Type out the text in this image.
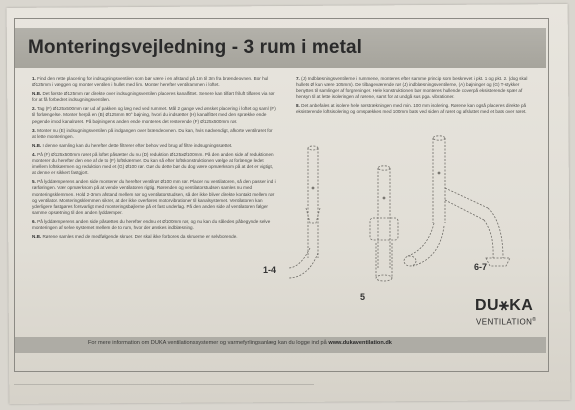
Monteringsvejledning - 3 rum i metal

1. Find den rette placering for indsugningsventilen som bør være i en afstand på 1m til 3m fra brændeovnen. Bor hul Ø125mm i væggen og monter ventilen i hullet med lim. Monter herefter ventilrammen i loftet.

N.B. Det første Ø125mm rør direkte over indsugningsventilen placeres kanalfittet. Senere kan tilført friluft tilføres via rør for at få forbedret indsugningsventilen.

2. Tag (F) Ø125x500mm rør ud af pakken og læg ned ved rummet. Mål 2 gange ved ønsket placering i loftet og saml (F) til forlængelse. Monter herpå en (B) Ø125mm 90° bøjning, hvori du indsætter (H) kanalfittet med den sprække ende pegende imod kanalrøret. På bøjningens anden ende monteres det resterende (F) Ø125x500mm rør.

3. Monter nu (E) indsugningsventilen på indgangen over brændeovnen. Du kan, hvis nødvendigt, afkorte ventilrøret for at lette monteringen.

N.B. I denne samling kan du herefter dette filtrerer efter behov ved brug af filtre indsugningssættet.

4. På (F) Ø125x500mm røret på loftet påsætter du nu (D) reduktion Ø125xØ100mm. På den anden side af reduktionen monterer du herefter den ene af de to (F) loftskærmer. Du kan så efter loftskonstruktionen vælge at forlænge ledet imellem loftskærmen og reduktion med et (G) Ø100 rør. Gør du dette bør du dog være opmærksom på at det er vigtigt, at denne er sikkert fastgjort.

5. På lyddæmperens anden side monterer du herefter ventilrør Ø100 mm rør. Placer nu ventilatoren, så den passer ind i rørføringen. Vær opmærksom på at vende ventilatoren rigtig. Rørenden og ventilatorstudsen samles nu med monteringsklemmen. Hold 2-3mm afstand mellem rør og ventilatorstudsen, så der ikke bliver direkte kontakt mellem rør og ventilator. Monteringsklemmen sikrer, at der ikke overføres motorvibrationer til kanalsystemet. Ventilatoren kan yderligere fastgøres forsvarligt med monteringsbøjlerne på et fast underlag. På den anden side af ventilatoren følger samme opsætning til den anden lyddæmper.

6. På lyddæmperens anden side påsættes du herefter endnu et Ø100mm rør, og nu kan du således påbegynde selve monteringen af selve systemet mellem de to rum, hvor der ønskes indblæsning.

N.B. Rørene samles med de medfølgende skruer. Der skal ikke forbores da skruerne er selvborende.

7. (J) Indblæsningsventilerne i rummene, monteres efter samme princip som beskrevet i pkt. 1 og pkt. 2. (dog skal hullets Ø kun være 105mm). De tilbageværende rør (J) indblæsningsventilerne, (A) bøjninger og (G) T-stykker benyttes til samlinger af forgreninger. Hele konstruktionen bør monteres hullende coverpå eksisterende spær af hensyn til at lette isoleringen af rørene, samt for at undgå sus pga. vibrationer.

8. Det anbefales at isolere hele rørstrækningen med min. 100 mm isolering. Rørene kan også placeres direkte på eksisterende loftsisolering og omspækkes med 100mm bats ved siden af røret og afsluttet med et bats over røret.

1-4
5
6-7
DU⚹KA
VENTILATION®
For mere information om DUKA ventilationssystemer og varmefyrlingsanlæg kan du logge ind på www.dukaventilation.dk
